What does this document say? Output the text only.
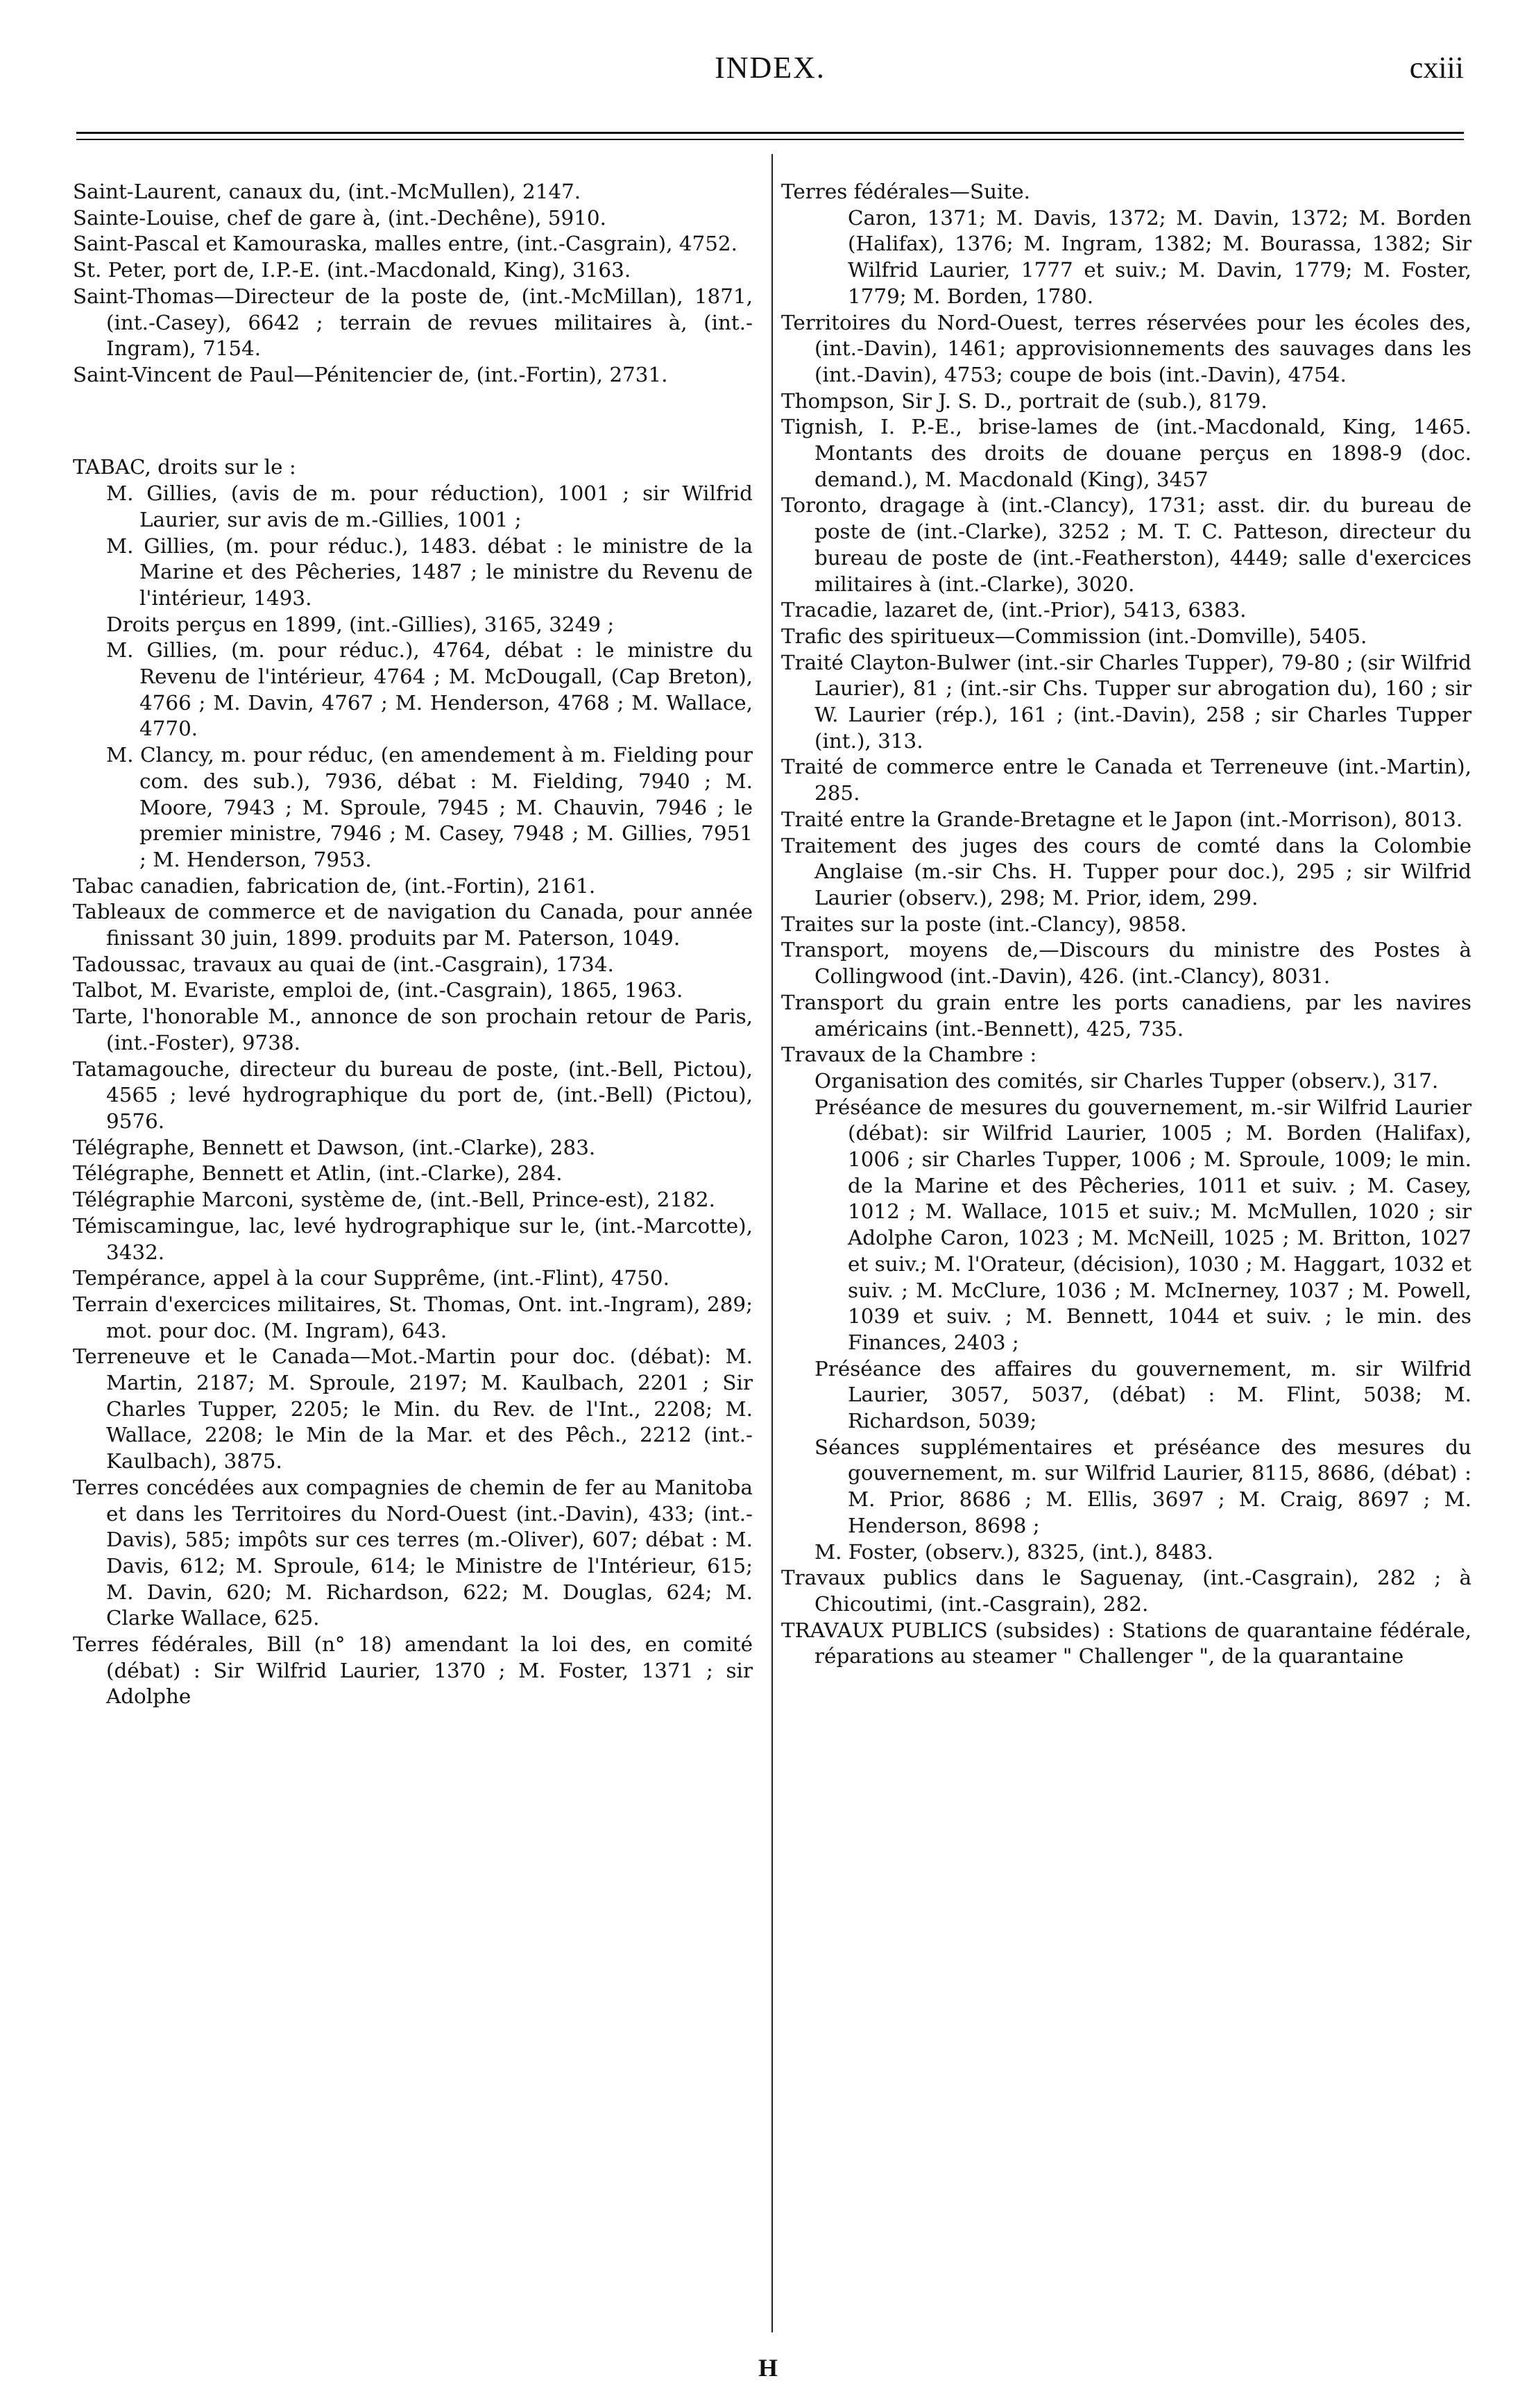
INDEX.	cxiii

Saint-Laurent, canaux du, (int.-McMullen), 2147.

Sainte-Louise, chef de gare à, (int.-Dechêne), 5910.

Saint-Pascal et Kamouraska, malles entre, (int.-Casgrain), 4752.

St. Peter, port de, I.P.-E. (int.-Macdonald, King), 3163.

Saint-Thomas—Directeur de la poste de, (int.-McMillan), 1871, (int.-Casey), 6642 ; terrain de revues militaires à, (int.-Ingram), 7154.

Saint-Vincent de Paul—Pénitencier de, (int.-Fortin), 2731.

TABAC, droits sur le :

M. Gillies, (avis de m. pour réduction), 1001 ; sir Wilfrid Laurier, sur avis de m.-Gillies, 1001 ;

M. Gillies, (m. pour réduc.), 1483. débat : le ministre de la Marine et des Pêcheries, 1487 ; le ministre du Revenu de l'intérieur, 1493.

Droits perçus en 1899, (int.-Gillies), 3165, 3249 ;

M. Gillies, (m. pour réduc.), 4764, débat : le ministre du Revenu de l'intérieur, 4764 ; M. McDougall, (Cap Breton), 4766 ; M. Davin, 4767 ; M. Henderson, 4768 ; M. Wallace, 4770.

M. Clancy, m. pour réduc, (en amendement à m. Fielding pour com. des sub.), 7936, débat : M. Fielding, 7940 ; M. Moore, 7943 ; M. Sproule, 7945 ; M. Chauvin, 7946 ; le premier ministre, 7946 ; M. Casey, 7948 ; M. Gillies, 7951 ; M. Henderson, 7953.

Tabac canadien, fabrication de, (int.-Fortin), 2161.

Tableaux de commerce et de navigation du Canada, pour année finissant 30 juin, 1899. produits par M. Paterson, 1049.

Tadoussac, travaux au quai de (int.-Casgrain), 1734.

Talbot, M. Evariste, emploi de, (int.-Casgrain), 1865, 1963.

Tarte, l'honorable M., annonce de son prochain retour de Paris, (int.-Foster), 9738.

Tatamagouche, directeur du bureau de poste, (int.-Bell, Pictou), 4565 ; levé hydrographique du port de, (int.-Bell) (Pictou), 9576.

Télégraphe, Bennett et Dawson, (int.-Clarke), 283.

Télégraphe, Bennett et Atlin, (int.-Clarke), 284.

Télégraphie Marconi, système de, (int.-Bell, Prince-est), 2182.

Témiscamingue, lac, levé hydrographique sur le, (int.-Marcotte), 3432.

Tempérance, appel à la cour Supprême, (int.-Flint), 4750.

Terrain d'exercices militaires, St. Thomas, Ont. int.-Ingram), 289; mot. pour doc. (M. Ingram), 643.

Terreneuve et le Canada—Mot.-Martin pour doc. (débat): M. Martin, 2187; M. Sproule, 2197; M. Kaulbach, 2201 ; Sir Charles Tupper, 2205; le Min. du Rev. de l'Int., 2208; M. Wallace, 2208; le Min de la Mar. et des Pêch., 2212 (int.-Kaulbach), 3875.

Terres concédées aux compagnies de chemin de fer au Manitoba et dans les Territoires du Nord-Ouest (int.-Davin), 433; (int.-Davis), 585; impôts sur ces terres (m.-Oliver), 607; débat : M. Davis, 612; M. Sproule, 614; le Ministre de l'Intérieur, 615; M. Davin, 620; M. Richardson, 622; M. Douglas, 624; M. Clarke Wallace, 625.

Terres fédérales, Bill (n° 18) amendant la loi des, en comité (débat) : Sir Wilfrid Laurier, 1370 ; M. Foster, 1371 ; sir Adolphe

Terres fédérales—Suite.

Caron, 1371; M. Davis, 1372; M. Davin, 1372; M. Borden (Halifax), 1376; M. Ingram, 1382; M. Bourassa, 1382; Sir Wilfrid Laurier, 1777 et suiv.; M. Davin, 1779; M. Foster, 1779; M. Borden, 1780.

Territoires du Nord-Ouest, terres réservées pour les écoles des, (int.-Davin), 1461; approvisionnements des sauvages dans les (int.-Davin), 4753; coupe de bois (int.-Davin), 4754.

Thompson, Sir J. S. D., portrait de (sub.), 8179.

Tignish, I. P.-E., brise-lames de (int.-Macdonald, King, 1465. Montants des droits de douane perçus en 1898-9 (doc. demand.), M. Macdonald (King), 3457

Toronto, dragage à (int.-Clancy), 1731; asst. dir. du bureau de poste de (int.-Clarke), 3252 ; M. T. C. Patteson, directeur du bureau de poste de (int.-Featherston), 4449; salle d'exercices militaires à (int.-Clarke), 3020.

Tracadie, lazaret de, (int.-Prior), 5413, 6383.

Trafic des spiritueux—Commission (int.-Domville), 5405.

Traité Clayton-Bulwer (int.-sir Charles Tupper), 79-80 ; (sir Wilfrid Laurier), 81 ; (int.-sir Chs. Tupper sur abrogation du), 160 ; sir W. Laurier (rép.), 161 ; (int.-Davin), 258 ; sir Charles Tupper (int.), 313.

Traité de commerce entre le Canada et Terreneuve (int.-Martin), 285.

Traité entre la Grande-Bretagne et le Japon (int.-Morrison), 8013.

Traitement des juges des cours de comté dans la Colombie Anglaise (m.-sir Chs. H. Tupper pour doc.), 295 ; sir Wilfrid Laurier (observ.), 298; M. Prior, idem, 299.

Traites sur la poste (int.-Clancy), 9858.

Transport, moyens de,—Discours du ministre des Postes à Collingwood (int.-Davin), 426. (int.-Clancy), 8031.

Transport du grain entre les ports canadiens, par les navires américains (int.-Bennett), 425, 735.

Travaux de la Chambre :

Organisation des comités, sir Charles Tupper (observ.), 317.

Préséance de mesures du gouvernement, m.-sir Wilfrid Laurier (débat): sir Wilfrid Laurier, 1005 ; M. Borden (Halifax), 1006 ; sir Charles Tupper, 1006 ; M. Sproule, 1009; le min. de la Marine et des Pêcheries, 1011 et suiv. ; M. Casey, 1012 ; M. Wallace, 1015 et suiv.; M. McMullen, 1020 ; sir Adolphe Caron, 1023 ; M. McNeill, 1025 ; M. Britton, 1027 et suiv.; M. l'Orateur, (décision), 1030 ; M. Haggart, 1032 et suiv. ; M. McClure, 1036 ; M. McInerney, 1037 ; M. Powell, 1039 et suiv. ; M. Bennett, 1044 et suiv. ; le min. des Finances, 2403 ;

Préséance des affaires du gouvernement, m. sir Wilfrid Laurier, 3057, 5037, (débat) : M. Flint, 5038; M. Richardson, 5039;

Séances supplémentaires et préséance des mesures du gouvernement, m. sur Wilfrid Laurier, 8115, 8686, (débat) : M. Prior, 8686 ; M. Ellis, 3697 ; M. Craig, 8697 ; M. Henderson, 8698 ;

M. Foster, (observ.), 8325, (int.), 8483.

Travaux publics dans le Saguenay, (int.-Casgrain), 282 ; à Chicoutimi, (int.-Casgrain), 282.

TRAVAUX PUBLICS (subsides) : Stations de quarantaine fédérale, réparations au steamer " Challenger ", de la quarantaine

H
